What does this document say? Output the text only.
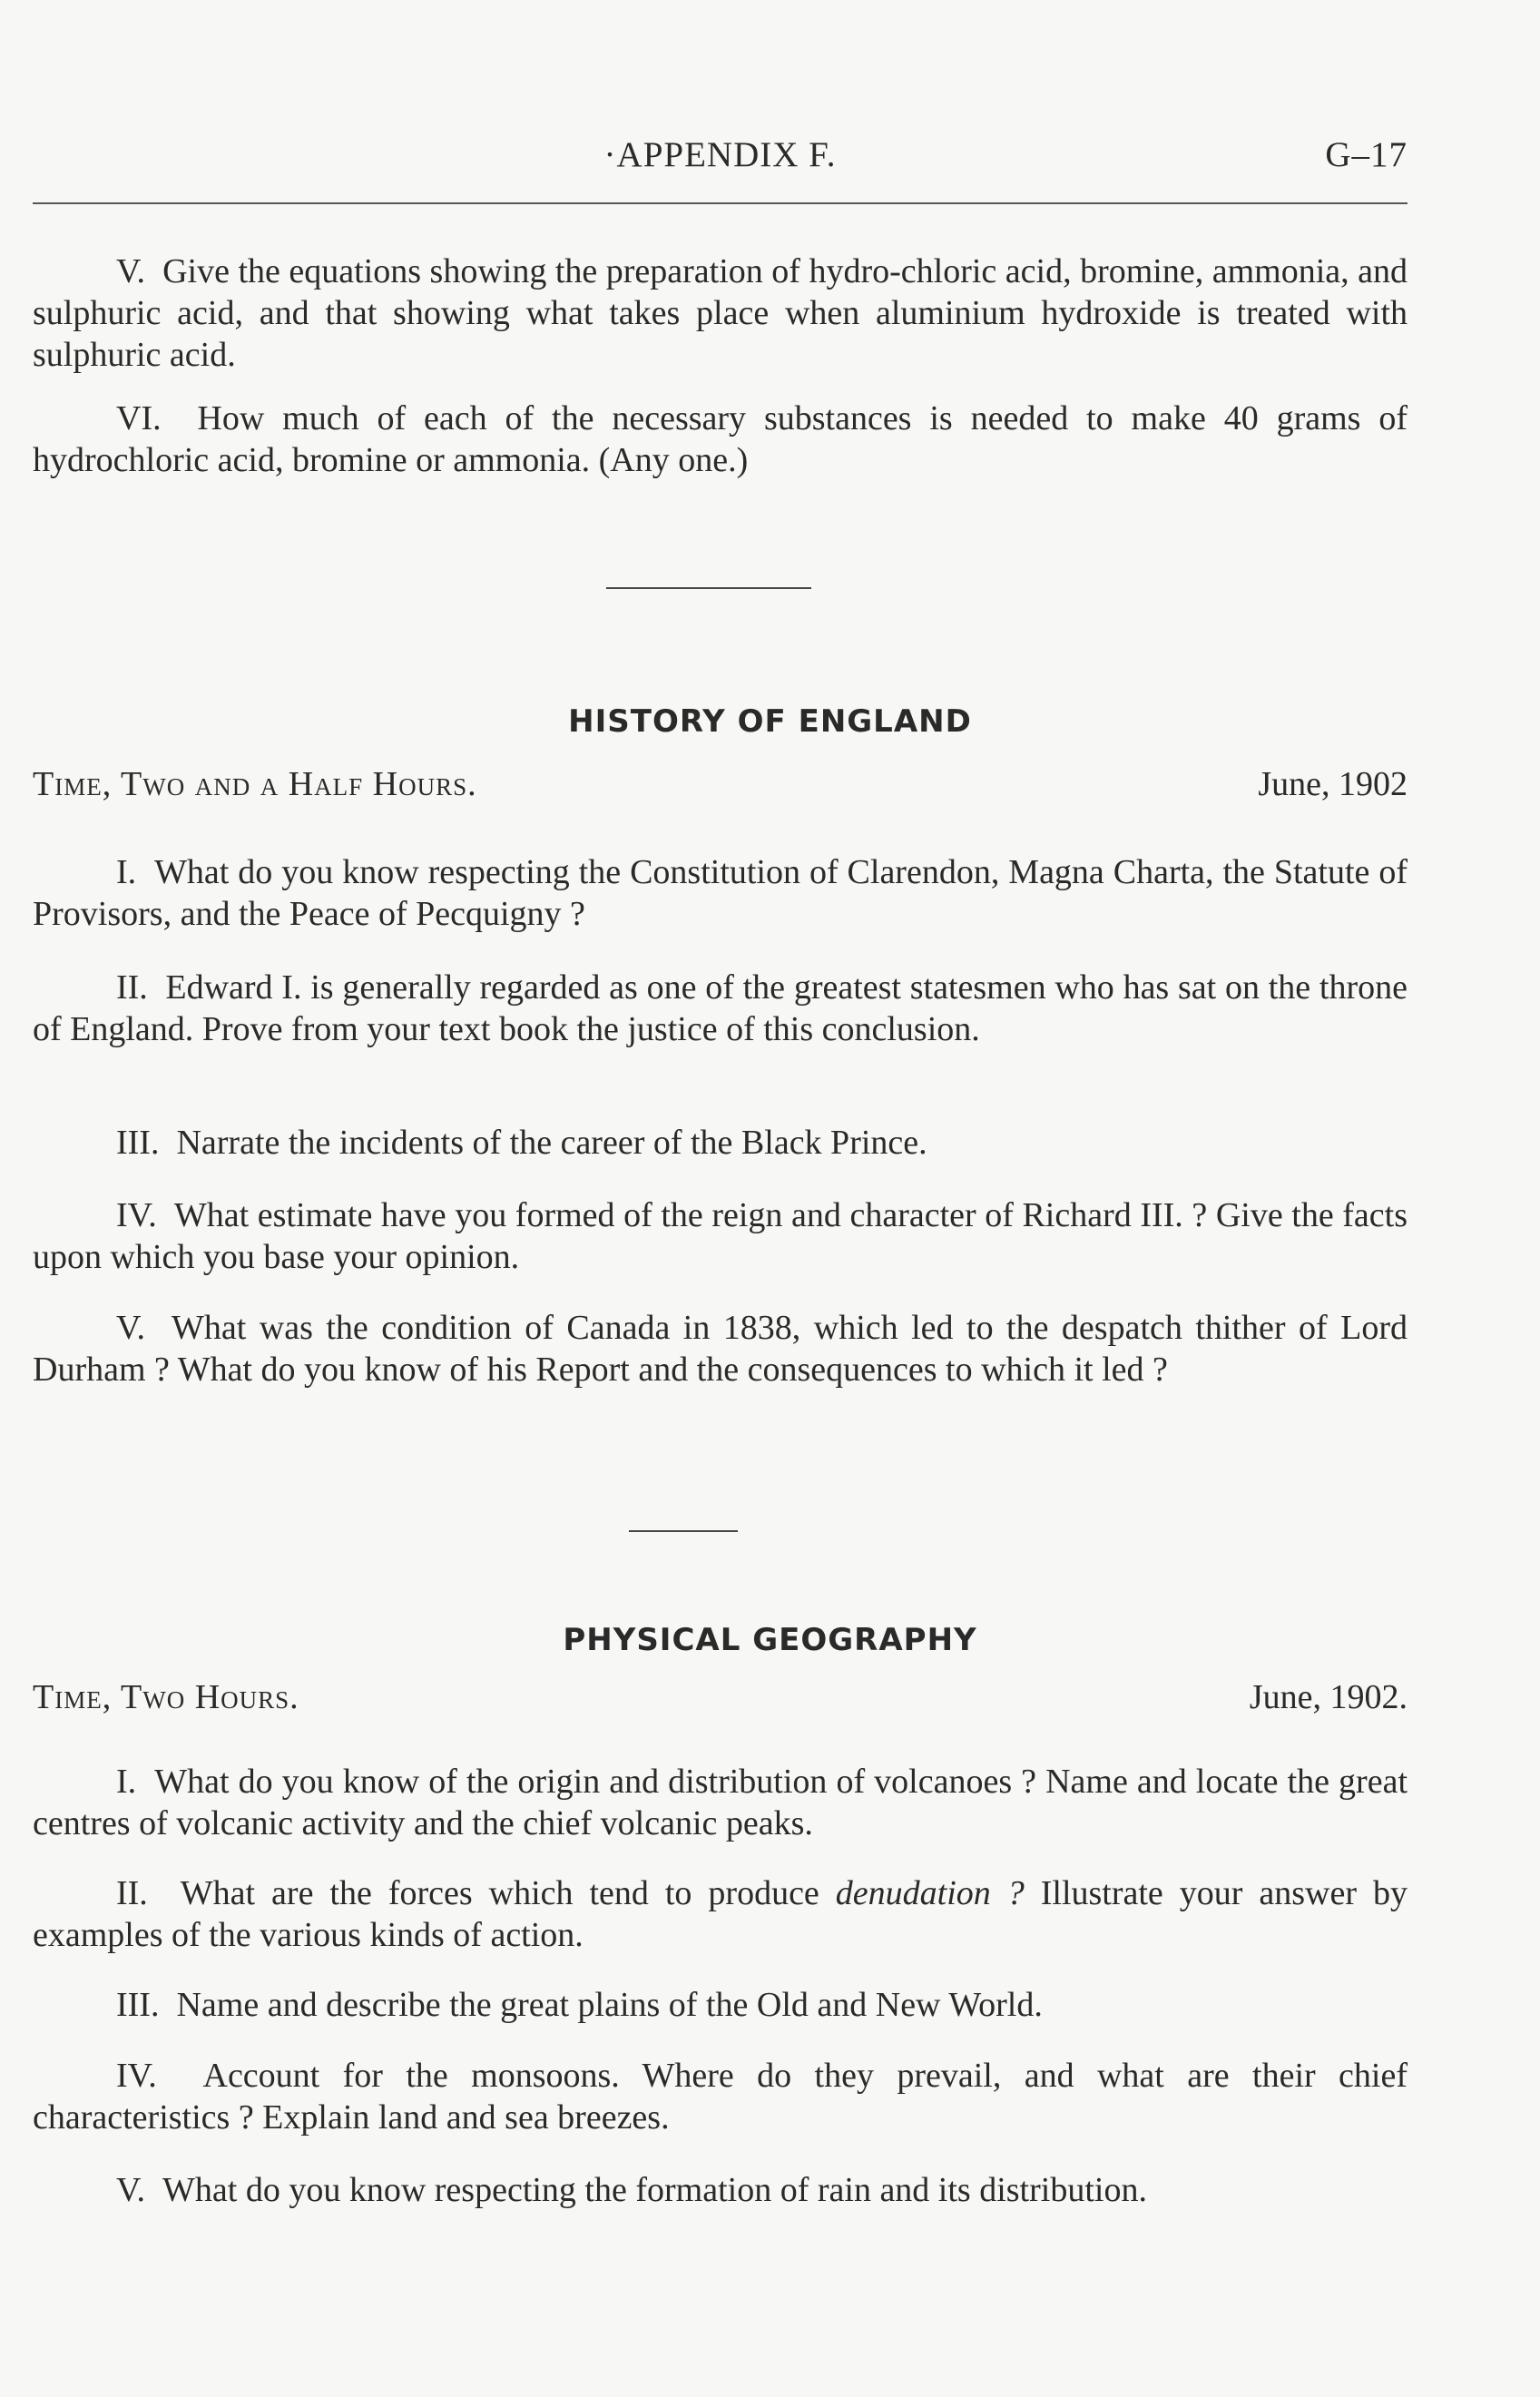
·APPENDIX F.	G–17

V. Give the equations showing the preparation of hydro-chloric acid, bromine, ammonia, and sulphuric acid, and that showing what takes place when aluminium hydroxide is treated with sulphuric acid.

VI. How much of each of the necessary substances is needed to make 40 grams of hydrochloric acid, bromine or ammonia. (Any one.)

HISTORY OF ENGLAND
Time, Two and a Half Hours.	June, 1902

I. What do you know respecting the Constitution of Clarendon, Magna Charta, the Statute of Provisors, and the Peace of Pecquigny ?

II. Edward I. is generally regarded as one of the greatest statesmen who has sat on the throne of England. Prove from your text book the justice of this conclusion.

III. Narrate the incidents of the career of the Black Prince.

IV. What estimate have you formed of the reign and character of Richard III. ? Give the facts upon which you base your opinion.

V. What was the condition of Canada in 1838, which led to the despatch thither of Lord Durham ? What do you know of his Report and the consequences to which it led ?

PHYSICAL GEOGRAPHY
Time, Two Hours.	June, 1902.

I. What do you know of the origin and distribution of volcanoes ? Name and locate the great centres of volcanic activity and the chief volcanic peaks.

II. What are the forces which tend to produce denudation ? Illustrate your answer by examples of the various kinds of action.

III. Name and describe the great plains of the Old and New World.

IV. Account for the monsoons. Where do they prevail, and what are their chief characteristics ? Explain land and sea breezes.

V. What do you know respecting the formation of rain and its distribution.
